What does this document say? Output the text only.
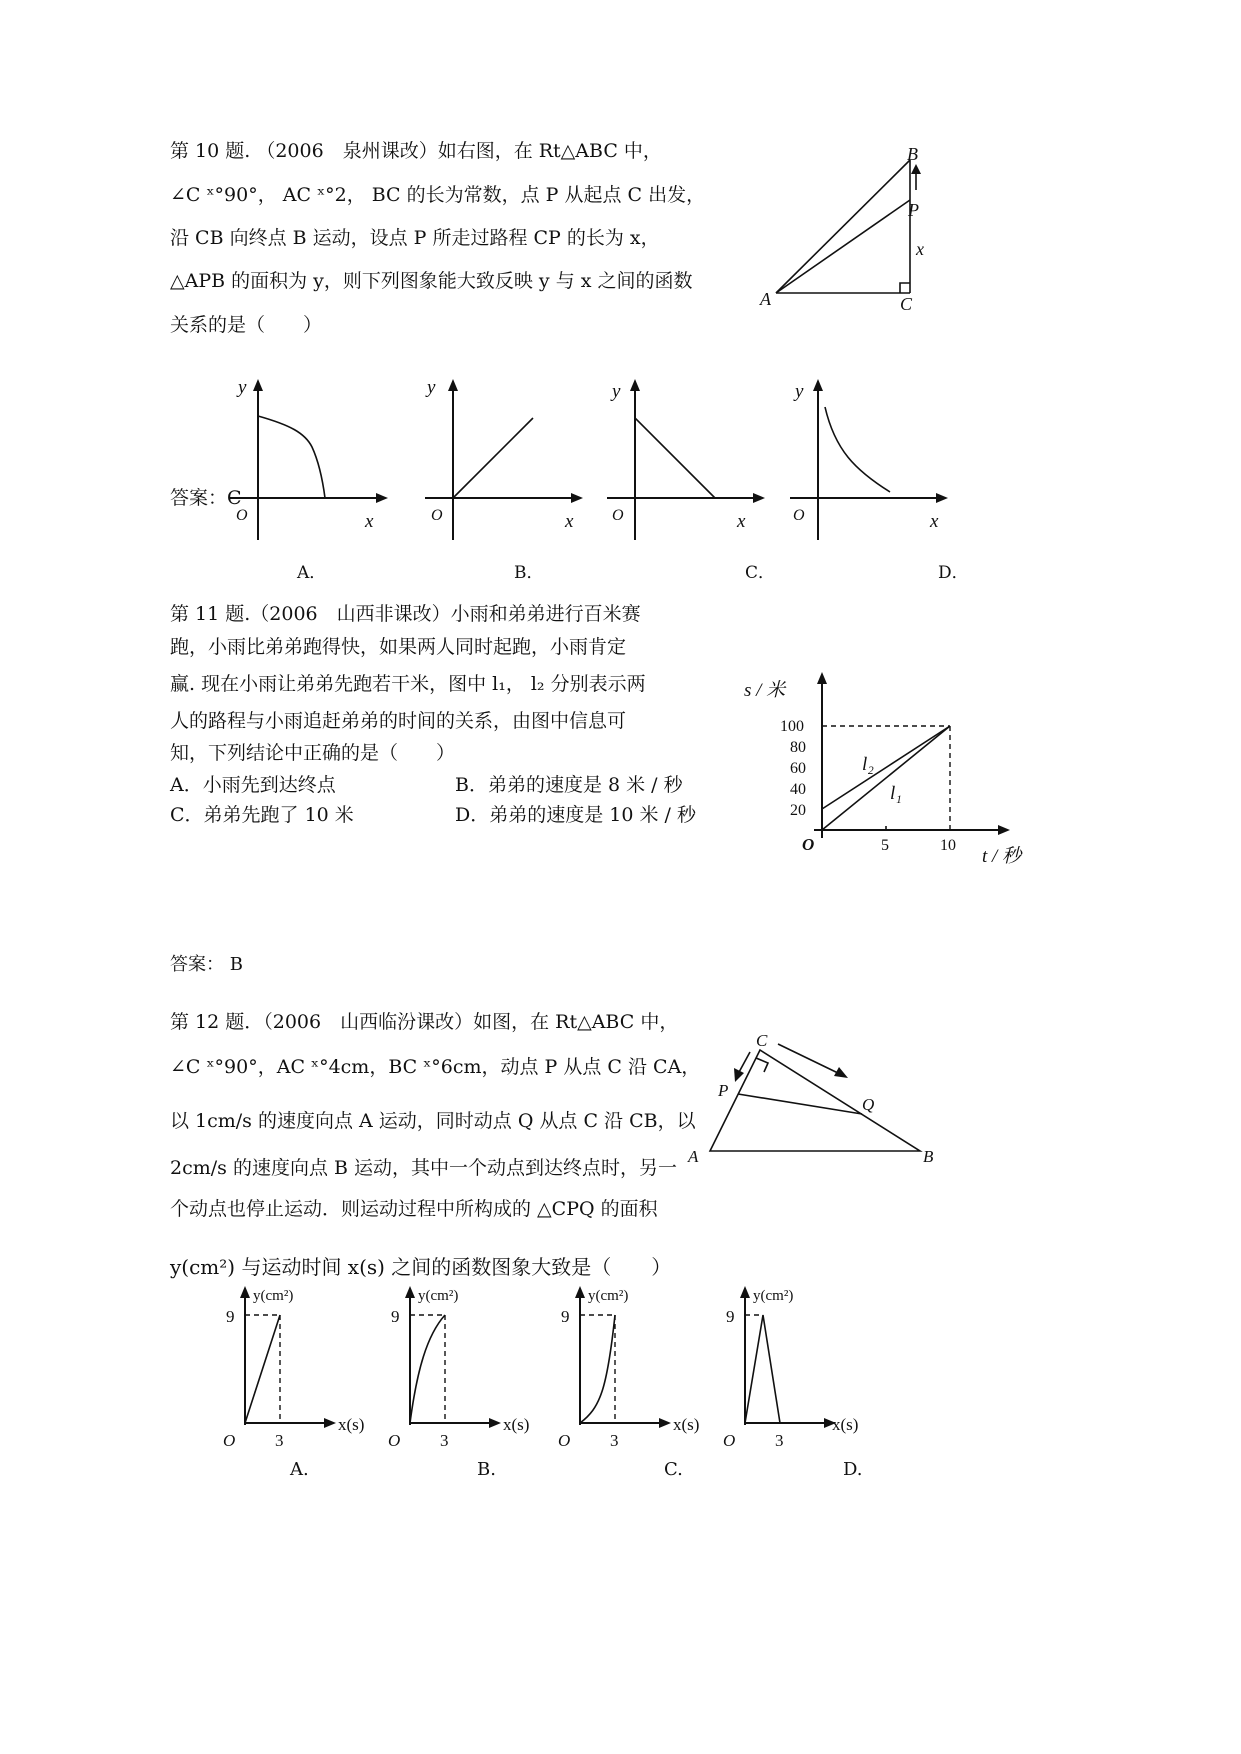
第 10 题. （2006　泉州课改）如右图，在 Rt△ABC 中，
∠C ˣ°90°， AC ˣ°2， BC 的长为常数，点 P 从起点 C 出发，
沿 CB 向终点 B 运动，设点 P 所走过路程 CP 的长为 x，
△APB 的面积为 y，则下列图象能大致反映 y 与 x 之间的函数
关系的是（　　）
A
B
C
P
x
y
x
O
答案：C
y
x
O
y
x
O
y
x
O
A．	B．	C．	D．
第 11 题.（2006　山西非课改）小雨和弟弟进行百米赛
跑，小雨比弟弟跑得快，如果两人同时起跑，小雨肯定
赢. 现在小雨让弟弟先跑若干米，图中 l₁， l₂ 分别表示两
人的路程与小雨追赶弟弟的时间的关系，由图中信息可
知，下列结论中正确的是（　　）
A．小雨先到达终点	B．弟弟的速度是 8 米 / 秒
C．弟弟先跑了 10 米	D．弟弟的速度是 10 米 / 秒
100
80
60
40
20
5	10
s / 米
t / 秒
O
l₂
l₁
答案： B
第 12 题．（2006　山西临汾课改）如图，在 Rt△ABC 中，
∠C ˣ°90°，AC ˣ°4cm，BC ˣ°6cm，动点 P 从点 C 沿 CA，
以 1cm/s 的速度向点 A 运动，同时动点 Q 从点 C 沿 CB，以
2cm/s 的速度向点 B 运动，其中一个动点到达终点时，另一
个动点也停止运动．则运动过程中所构成的 △CPQ 的面积
y(cm²) 与运动时间 x(s) 之间的函数图象大致是（　　）
A	B
C
P
Q
y(cm²)
x(s)
O
9
3
y(cm²)
x(s)
O
9
3
y(cm²)
x(s)
O
9
3
y(cm²)
x(s)
O
9
3
A.	B.	C.	D.
